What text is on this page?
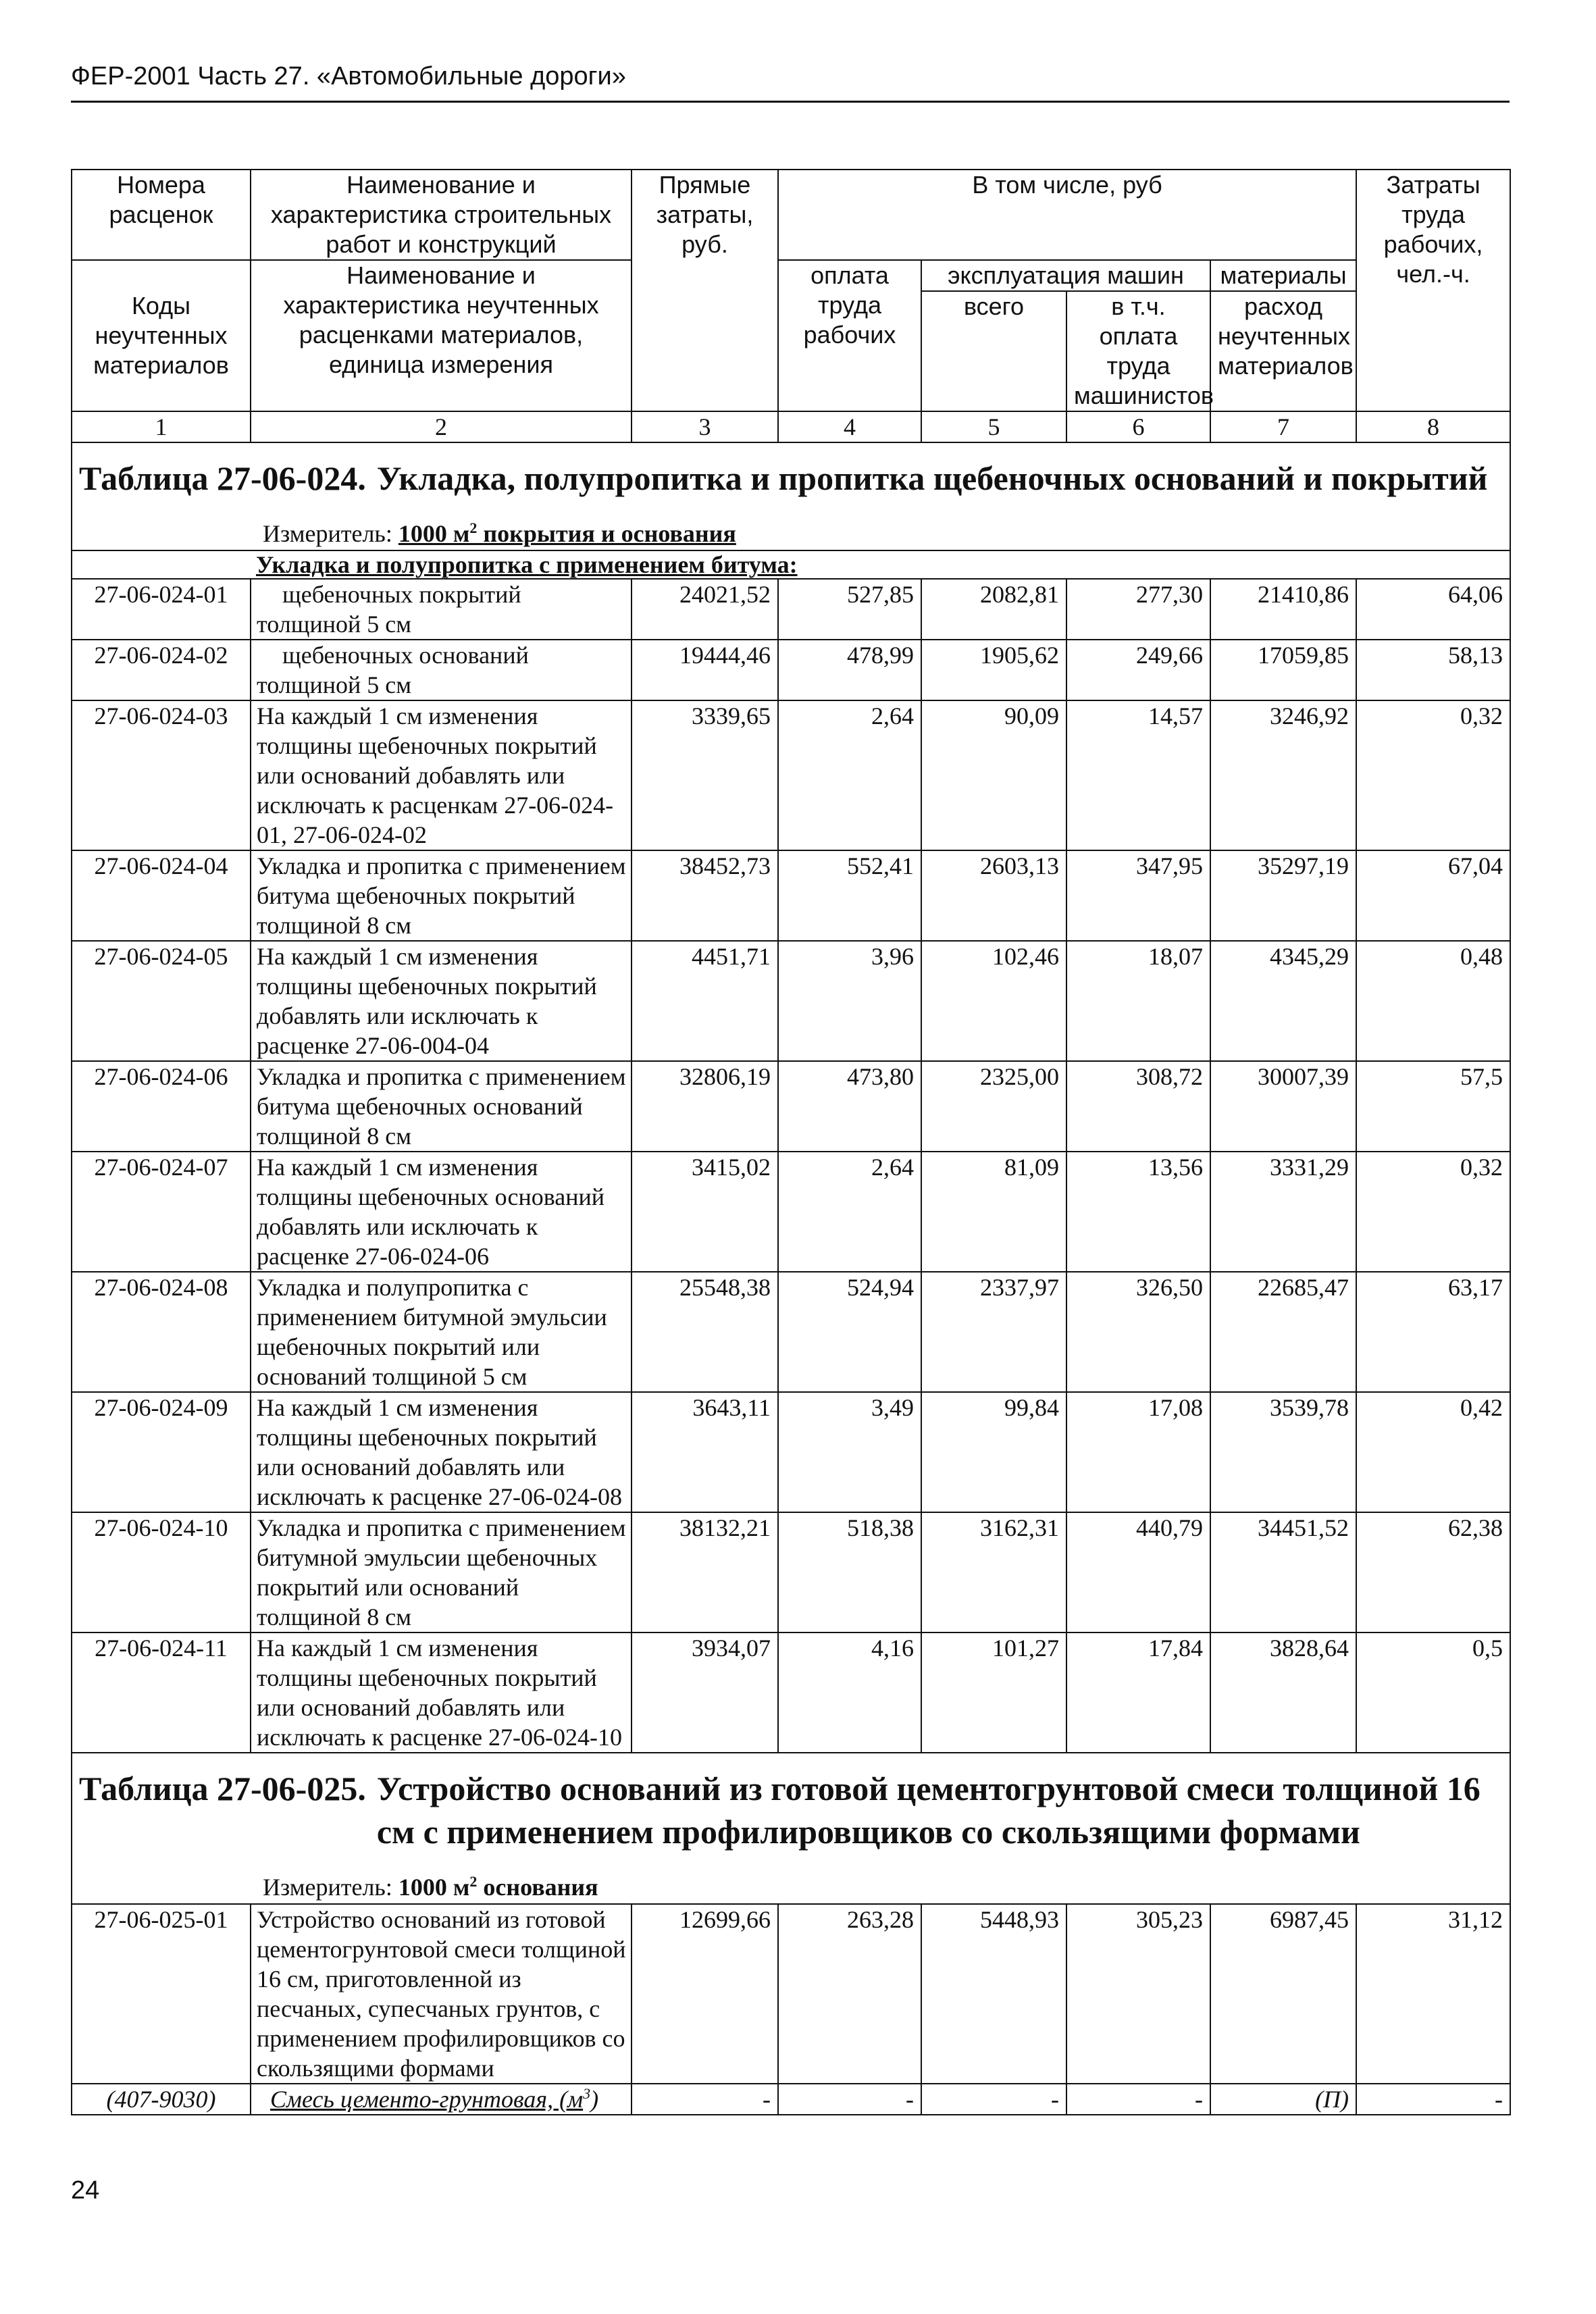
ФЕР-2001 Часть 27. «Автомобильные дороги»
Номера расценок	Наименование и характеристика строительных работ и конструкций	Прямые затраты, руб.	В том числе, руб				Затраты труда рабочих, чел.-ч.
Коды неучтенных материалов	Наименование и характеристика неучтенных расценками материалов, единица измерения		оплата труда рабочих	эксплуатация машин		материалы	
				всего	в т.ч. оплата труда машинистов	расход неучтенных материалов	

1	2	3	4	5	6	7	8

Таблица 27-06-024. Укладка, полупропитка и пропитка щебеночных оснований и покрытий
Измеритель: 1000 $м^2$ покрытия и основания							

Укладка и полупропитка с применением битума:							
27-06-024-01	щебеночных покрытий толщиной 5 см	24021,52	527,85	2082,81	277,30	21410,86	64,06
27-06-024-02	щебеночных оснований толщиной 5 см	19444,46	478,99	1905,62	249,66	17059,85	58,13
27-06-024-03	На каждый 1 см изменения толщины щебеночных покрытий или оснований добавлять или исключать к расценкам 27-06-024-01, 27-06-024-02	3339,65	2,64	90,09	14,57	3246,92	0,32
27-06-024-04	Укладка и пропитка с применением битума щебеночных покрытий толщиной 8 см	38452,73	552,41	2603,13	347,95	35297,19	67,04
27-06-024-05	На каждый 1 см изменения толщины щебеночных покрытий добавлять или исключать к расценке 27-06-004-04	4451,71	3,96	102,46	18,07	4345,29	0,48
27-06-024-06	Укладка и пропитка с применением битума щебеночных оснований толщиной 8 см	32806,19	473,80	2325,00	308,72	30007,39	57,5
27-06-024-07	На каждый 1 см изменения толщины щебеночных оснований добавлять или исключать к расценке 27-06-024-06	3415,02	2,64	81,09	13,56	3331,29	0,32
27-06-024-08	Укладка и полупропитка с применением битумной эмульсии щебеночных покрытий или оснований толщиной 5 см	25548,38	524,94	2337,97	326,50	22685,47	63,17
27-06-024-09	На каждый 1 см изменения толщины щебеночных покрытий или оснований добавлять или исключать к расценке 27-06-024-08	3643,11	3,49	99,84	17,08	3539,78	0,42
27-06-024-10	Укладка и пропитка с применением битумной эмульсии щебеночных покрытий или оснований толщиной 8 см	38132,21	518,38	3162,31	440,79	34451,52	62,38
27-06-024-11	На каждый 1 см изменения толщины щебеночных покрытий или оснований добавлять или исключать к расценке 27-06-024-10	3934,07	4,16	101,27	17,84	3828,64	0,5

Таблица 27-06-025. Устройство оснований из готовой цементогрунтовой смеси толщиной 16 см с применением профилировщиков со скользящими формами
Измеритель: 1000 $м^2$ основания							

27-06-025-01	Устройство оснований из готовой цементогрунтовой смеси толщиной 16 см, приготовленной из песчаных, супесчаных грунтов, с применением профилировщиков со скользящими формами	12699,66	263,28	5448,93	305,23	6987,45	31,12
(407-9030)	Смесь цементо-грунтовая, $(м^3)$	-	-	-	-	(П)	-
24
